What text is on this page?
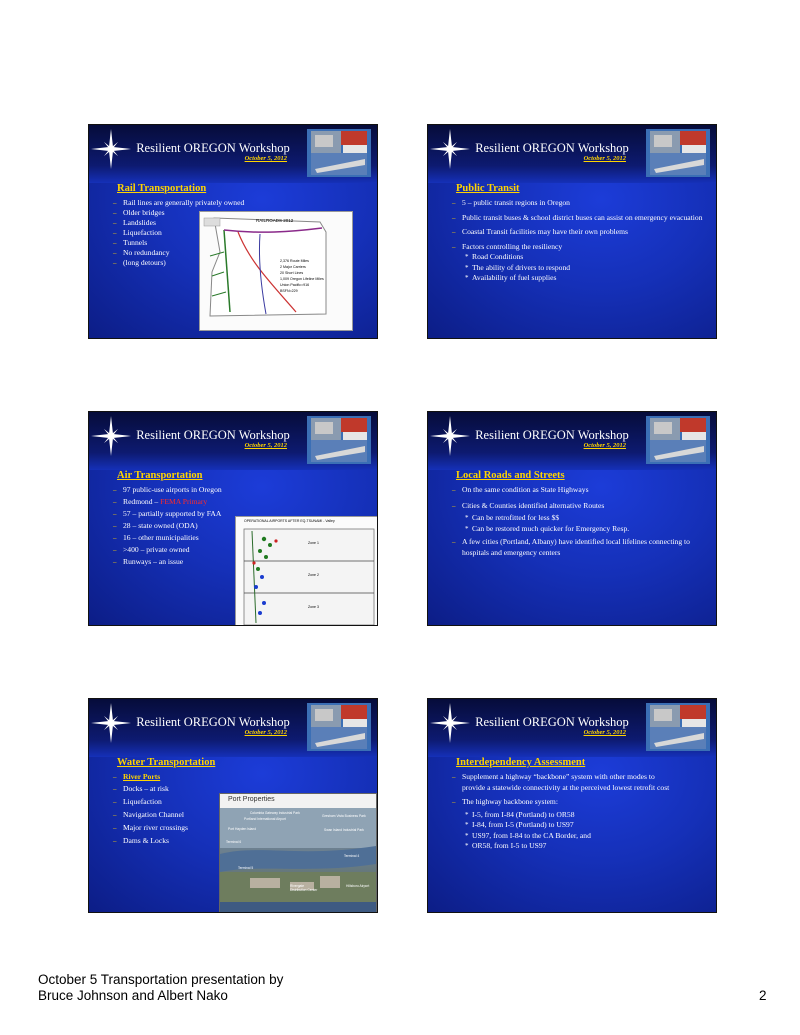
Resilient OREGON Workshop
October 5, 2012
Rail Transportation
– Rail lines are generally privately owned
– Older bridges
– Landslides
– Liquefaction
– Tunnels
– No redundancy
– (long detours)
RAILROADS 2012
2,376 Route Miles
2 Major Carriers
20 Short Lines
1,009 Oregon Lifeline Miles
Union Pacific=916
BSFN=229
Resilient OREGON Workshop
October 5, 2012
Public Transit
– 5 – public transit regions in Oregon
– Public transit buses & school district buses can assist on emergency evacuation
– Coastal Transit facilities may have their own problems
– Factors controlling the resiliency
* Road Conditions
* The ability of drivers to respond
* Availability of fuel supplies
Resilient OREGON Workshop
October 5, 2012
Air Transportation
– 97 public-use airports in Oregon
– Redmond – FEMA Primary
– 57 – partially supported by FAA
– 28 – state owned (ODA)
– 16 – other municipalities
– >400 – private owned
– Runways – an issue
OPERATIONAL AIRPORTS AFTER EQ-TSUNAMI - Valley
Zone 1
Zone 2
Zone 3
Resilient OREGON Workshop
October 5, 2012
Local Roads and Streets
– On the same condition as State Highways
– Cities & Counties identified alternative Routes
* Can be retrofitted for less $$
* Can be restored much quicker for Emergency Resp.
– A few cities (Portland, Albany) have identified local lifelines connecting to hospitals and emergency centers
Resilient OREGON Workshop
October 5, 2012
Water Transportation
– River Ports
– Docks – at risk
– Liquefaction
– Navigation Channel
– Major river crossings
– Dams & Locks
Port Properties
Columbia Gateway Industrial Park
Portland International Airport
Port Hayden Island
Gresham Vista Business Park
Swan Island Industrial Park
Terminal 5
Terminal 6
Terminal 4
Rivergate Distribution Center
Hillsboro Airport
Resilient OREGON Workshop
October 5, 2012
Interdependency Assessment
– Supplement a highway “backbone” system with other modes to provide a statewide connectivity at the perceived lowest retrofit cost
– The highway backbone system:
* I-5, from I-84 (Portland) to OR58
* I-84, from I-5 (Portland) to US97
* US97, from I-84 to the CA Border, and
* OR58, from I-5 to US97
October 5 Transportation presentation by
Bruce Johnson and Albert Nako	2
